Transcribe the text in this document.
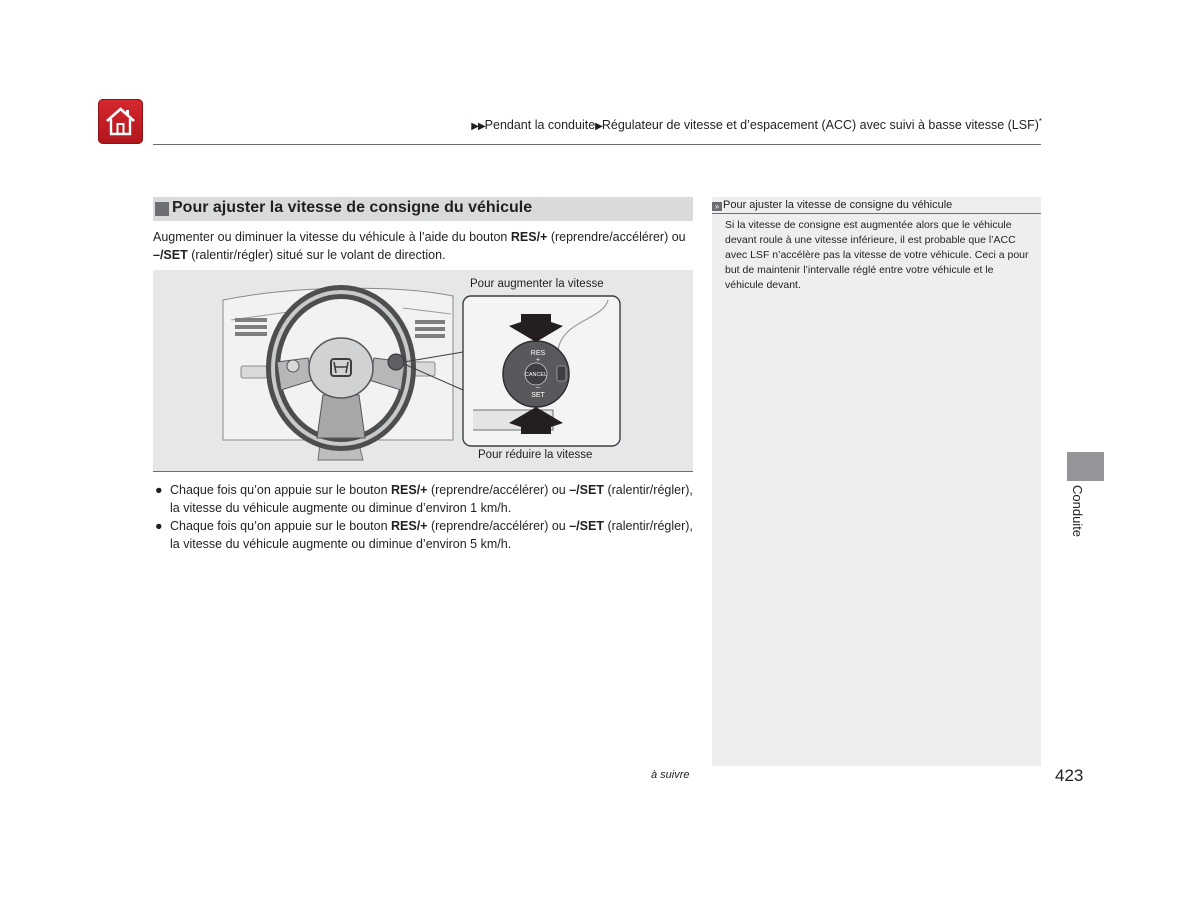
▶▶Pendant la conduite▶Régulateur de vitesse et d’espacement (ACC) avec suivi à basse vitesse (LSF)*
Pour ajuster la vitesse de consigne du véhicule
Augmenter ou diminuer la vitesse du véhicule à l’aide du bouton RES/+ (reprendre/accélérer) ou –/SET (ralentir/régler) situé sur le volant de direction.
RES
+
CANCEL
–
SET
Pour augmenter la vitesse
Pour réduire la vitesse
● Chaque fois qu’on appuie sur le bouton RES/+ (reprendre/accélérer) ou –/SET (ralentir/régler), la vitesse du véhicule augmente ou diminue d’environ 1 km/h.
● Chaque fois qu’on appuie sur le bouton RES/+ (reprendre/accélérer) ou –/SET (ralentir/régler), la vitesse du véhicule augmente ou diminue d’environ 5 km/h.
» Pour ajuster la vitesse de consigne du véhicule
Si la vitesse de consigne est augmentée alors que le véhicule devant roule à une vitesse inférieure, il est probable que l’ACC avec LSF n’accélère pas la vitesse de votre véhicule. Ceci a pour but de maintenir l’intervalle réglé entre votre véhicule et le véhicule devant.
Conduite
à suivre	423
